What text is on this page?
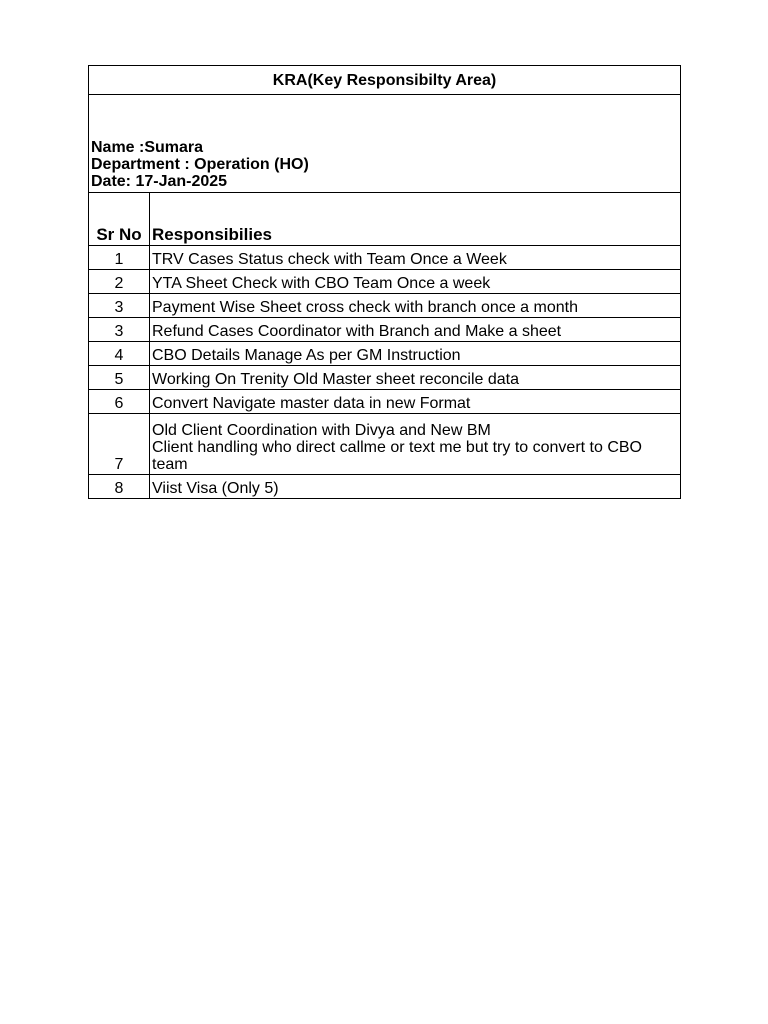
KRA(Key Responsibilty Area)	

Name :Sumara
Department : Operation (HO)
Date: 17-Jan-2025	

Sr No	Responsibilies
1	TRV Cases Status check with Team Once a Week

2	YTA Sheet Check with CBO Team Once a week

3	Payment Wise Sheet cross check with branch once a month

3	Refund Cases Coordinator with Branch and Make a sheet

4	CBO Details Manage As per GM Instruction

5	Working On Trenity Old Master sheet reconcile data

6	Convert Navigate master data in new Format

7	Old Client Coordination with Divya and New BM
Client handling who direct callme or text me but try to convert to CBO
team

8	Viist Visa (Only 5)
